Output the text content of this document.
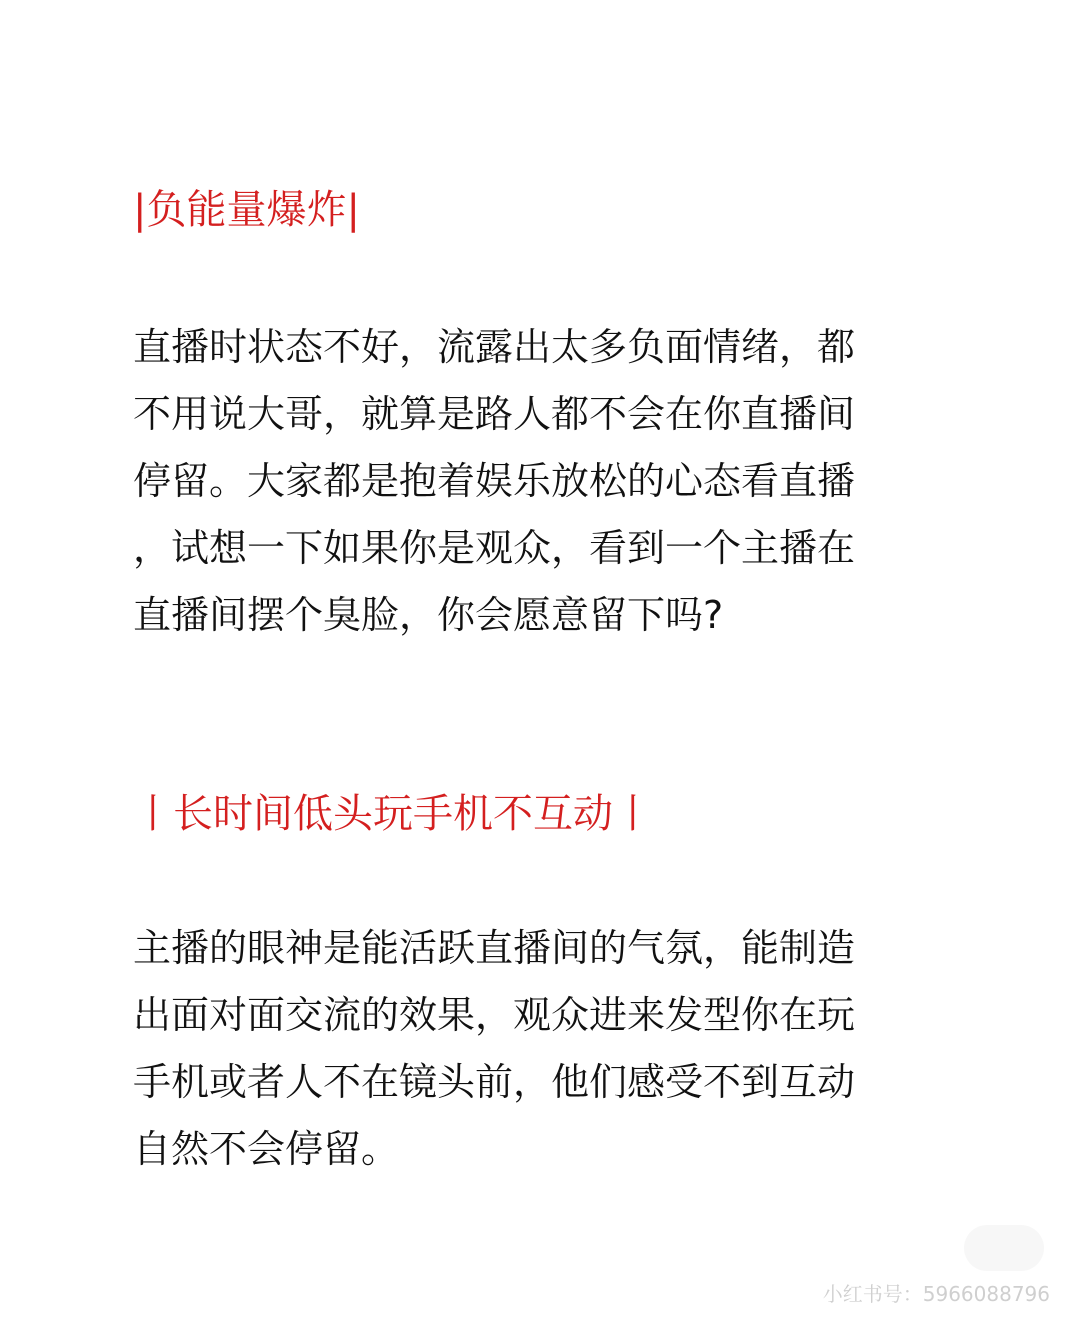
|负能量爆炸|
直播时状态不好，流露出太多负面情绪，都
不用说大哥，就算是路人都不会在你直播间
停留。大家都是抱着娱乐放松的心态看直播
，试想一下如果你是观众，看到一个主播在
直播间摆个臭脸，你会愿意留下吗?
丨长时间低头玩手机不互动丨
主播的眼神是能活跃直播间的气氛，能制造
出面对面交流的效果，观众进来发型你在玩
手机或者人不在镜头前，他们感受不到互动
自然不会停留。
小红书号：5966088796
